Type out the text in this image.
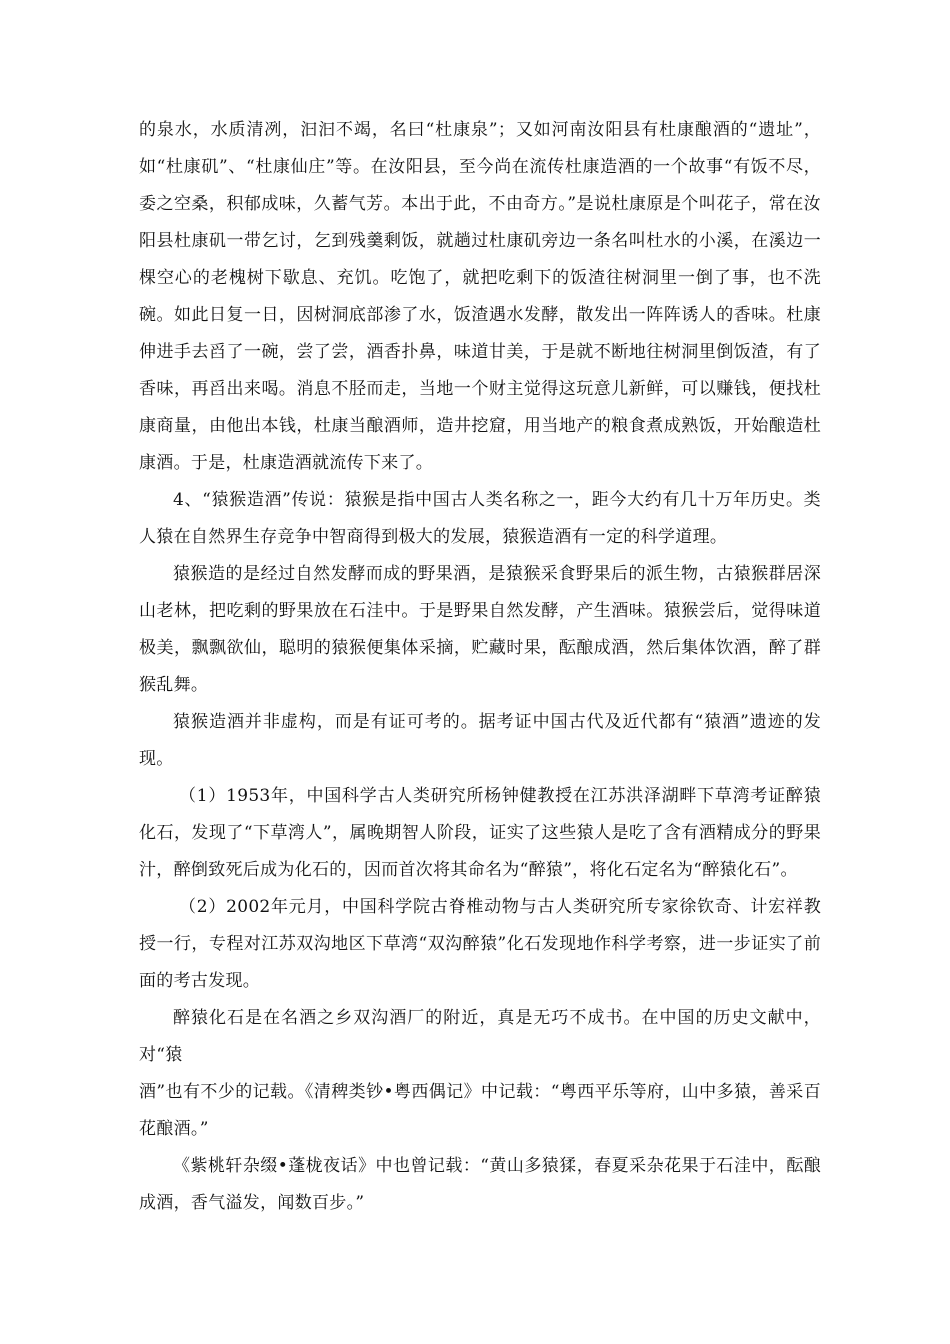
的泉水，水质清冽，汩汩不竭，名曰“杜康泉”；又如河南汝阳县有杜康酿酒的“遗址”，如“杜康矶”、“杜康仙庄”等。在汝阳县，至今尚在流传杜康造酒的一个故事“有饭不尽，委之空桑，积郁成味，久蓄气芳。本出于此，不由奇方。”是说杜康原是个叫花子，常在汝阳县杜康矶一带乞讨，乞到残羹剩饭，就趟过杜康矶旁边一条名叫杜水的小溪，在溪边一棵空心的老槐树下歇息、充饥。吃饱了，就把吃剩下的饭渣往树洞里一倒了事，也不洗碗。如此日复一日，因树洞底部渗了水，饭渣遇水发酵，散发出一阵阵诱人的香味。杜康伸进手去舀了一碗，尝了尝，酒香扑鼻，味道甘美，于是就不断地往树洞里倒饭渣，有了香味，再舀出来喝。消息不胫而走，当地一个财主觉得这玩意儿新鲜，可以赚钱，便找杜康商量，由他出本钱，杜康当酿酒师，造井挖窟，用当地产的粮食煮成熟饭，开始酿造杜康酒。于是，杜康造酒就流传下来了。

4、“猿猴造酒”传说：猿猴是指中国古人类名称之一，距今大约有几十万年历史。类人猿在自然界生存竞争中智商得到极大的发展，猿猴造酒有一定的科学道理。

猿猴造的是经过自然发酵而成的野果酒，是猿猴采食野果后的派生物，古猿猴群居深山老林，把吃剩的野果放在石洼中。于是野果自然发酵，产生酒味。猿猴尝后，觉得味道极美，飘飘欲仙，聪明的猿猴便集体采摘，贮藏时果，酝酿成酒，然后集体饮酒，醉了群猴乱舞。

猿猴造酒并非虚构，而是有证可考的。据考证中国古代及近代都有“猿酒”遗迹的发现。

（1）1953年，中国科学古人类研究所杨钟健教授在江苏洪泽湖畔下草湾考证醉猿化石，发现了“下草湾人”，属晚期智人阶段，证实了这些猿人是吃了含有酒精成分的野果汁，醉倒致死后成为化石的，因而首次将其命名为“醉猿”，将化石定名为“醉猿化石”。

（2）2002年元月，中国科学院古脊椎动物与古人类研究所专家徐钦奇、计宏祥教授一行，专程对江苏双沟地区下草湾“双沟醉猿”化石发现地作科学考察，进一步证实了前面的考古发现。

醉猿化石是在名酒之乡双沟酒厂的附近，真是无巧不成书。在中国的历史文献中，对“猿

酒”也有不少的记载。《清稗类钞•粤西偶记》中记载：“粤西平乐等府，山中多猿，善采百花酿酒。”

《紫桃轩杂缀•蓬栊夜话》中也曾记载：“黄山多猿猱，春夏采杂花果于石洼中，酝酿成酒，香气溢发，闻数百步。”
